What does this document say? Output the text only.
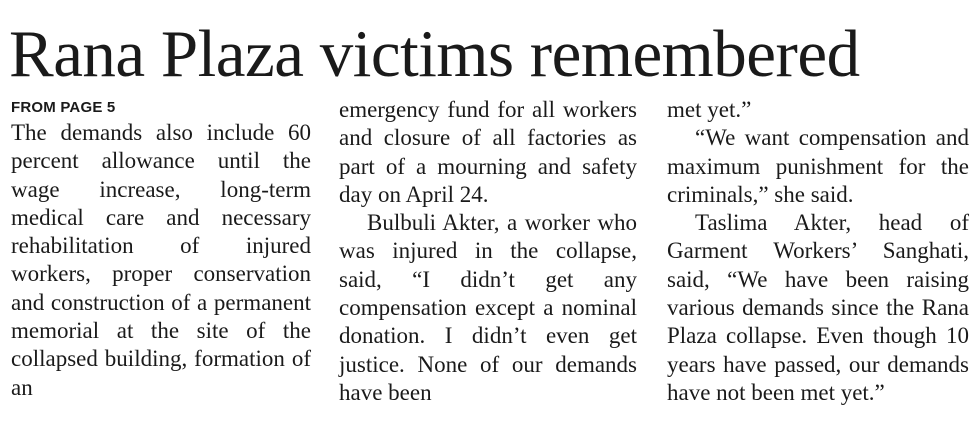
Rana Plaza victims remembered
FROM PAGE 5

The demands also include 60 percent allowance until the wage increase, long-term medical care and necessary rehabilitation of injured workers, proper conservation and construction of a permanent memorial at the site of the collapsed building, formation of an

emergency fund for all workers and closure of all factories as part of a mourning and safety day on April 24.

Bulbuli Akter, a worker who was injured in the collapse, said, “I didn’t get any compensation except a nominal donation. I didn’t even get justice. None of our demands have been

met yet.”

“We want compensation and maximum punishment for the criminals,” she said.

Taslima Akter, head of Garment Workers’ Sanghati, said, “We have been raising various demands since the Rana Plaza collapse. Even though 10 years have passed, our demands have not been met yet.”
